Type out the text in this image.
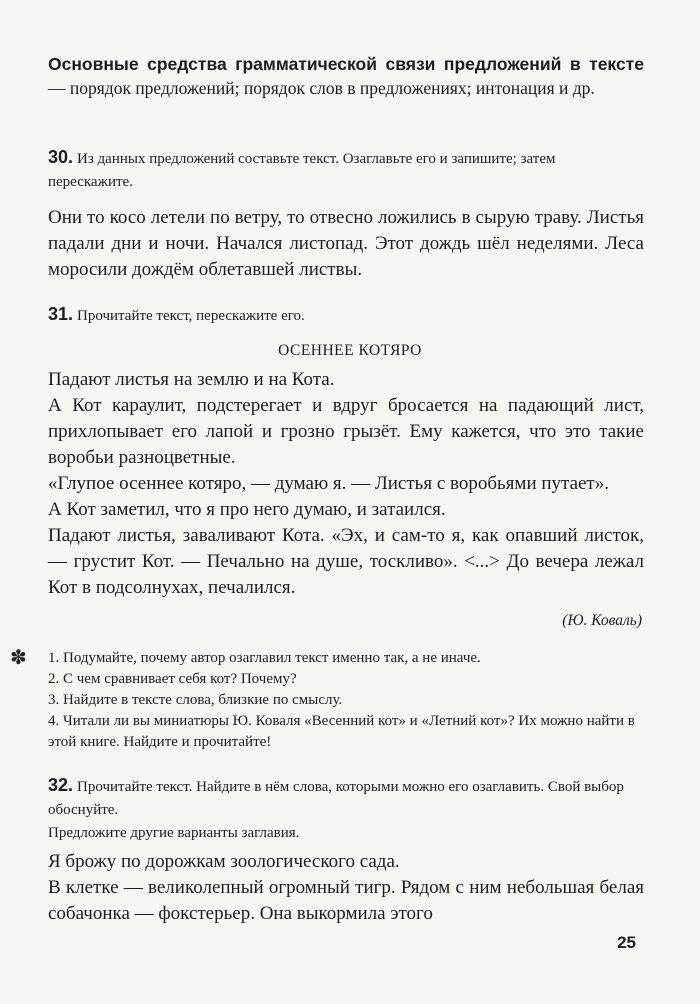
Основные средства грамматической связи предложений в тексте — порядок предложений; порядок слов в предложениях; интонация и др.

30. Из данных предложений составьте текст. Озаглавьте его и запишите; затем перескажите.

Они то косо летели по ветру, то отвесно ложились в сырую траву. Листья падали дни и ночи. Начался листопад. Этот дождь шёл неделями. Леса моросили дождём облетавшей листвы.

31. Прочитайте текст, перескажите его.

ОСЕННЕЕ КОТЯРО

Падают листья на землю и на Кота.

А Кот караулит, подстерегает и вдруг бросается на падающий лист, прихлопывает его лапой и грозно грызёт. Ему кажется, что это такие воробьи разноцветные.

«Глупое осеннее котяро, — думаю я. — Листья с воробьями путает».

А Кот заметил, что я про него думаю, и затаился.

Падают листья, заваливают Кота. «Эх, и сам-то я, как опавший листок, — грустит Кот. — Печально на душе, тоскливо». <...> До вечера лежал Кот в подсолнухах, печалился.

(Ю. Коваль)
✽ 1. Подумайте, почему автор озаглавил текст именно так, а не иначе.

2. С чем сравнивает себя кот? Почему?

3. Найдите в тексте слова, близкие по смыслу.

4. Читали ли вы миниатюры Ю. Коваля «Весенний кот» и «Летний кот»? Их можно найти в этой книге. Найдите и прочитайте!

32. Прочитайте текст. Найдите в нём слова, которыми можно его озаглавить. Свой выбор обоснуйте.

Предложите другие варианты заглавия.

Я брожу по дорожкам зоологического сада.

В клетке — великолепный огромный тигр. Рядом с ним небольшая белая собачонка — фокстерьер. Она выкормила этого

25
